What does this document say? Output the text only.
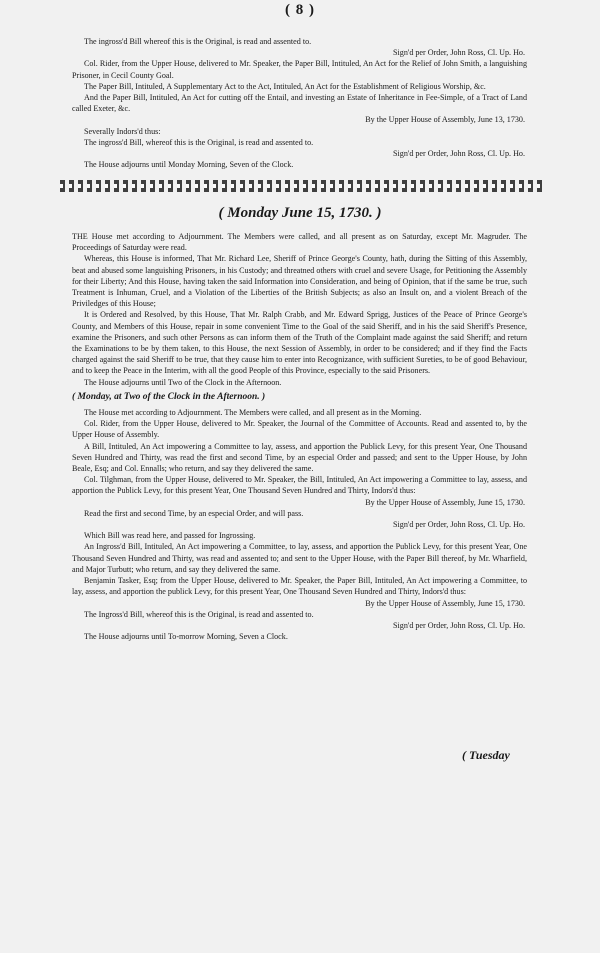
( 8 )

The ingross'd Bill whereof this is the Original, is read and assented to.

Sign'd per Order, John Ross, Cl. Up. Ho.

Col. Rider, from the Upper House, delivered to Mr. Speaker, the Paper Bill, Intituled, An Act for the Relief of John Smith, a languishing Prisoner, in Cecil County Goal.

The Paper Bill, Intituled, A Supplementary Act to the Act, Intituled, An Act for the Establishment of Religious Worship, &c.

And the Paper Bill, Intituled, An Act for cutting off the Entail, and investing an Estate of Inheritance in Fee-Simple, of a Tract of Land called Exeter, &c.

By the Upper House of Assembly, June 13, 1730.

Severally Indors'd thus:

The ingross'd Bill, whereof this is the Original, is read and assented to.

Sign'd per Order, John Ross, Cl. Up. Ho.

The House adjourns until Monday Morning, Seven of the Clock.

( Monday June 15, 1730. )

THE House met according to Adjournment. The Members were called, and all present as on Saturday, except Mr. Magruder. The Proceedings of Saturday were read.

Whereas, this House is informed, That Mr. Richard Lee, Sheriff of Prince George's County, hath, during the Sitting of this Assembly, beat and abused some languishing Prisoners, in his Custody; and threatned others with cruel and severe Usage, for Petitioning the Assembly for their Liberty; And this House, having taken the said Information into Consideration, and being of Opinion, that if the same be true, such Treatment is Inhuman, Cruel, and a Violation of the Liberties of the British Subjects; as also an Insult on, and a violent Breach of the Priviledges of this House;

It is Ordered and Resolved, by this House, That Mr. Ralph Crabb, and Mr. Edward Sprigg, Justices of the Peace of Prince George's County, and Members of this House, repair in some convenient Time to the Goal of the said Sheriff, and in his the said Sheriff's Presence, examine the Prisoners, and such other Persons as can inform them of the Truth of the Complaint made against the said Sheriff; and return the Examinations to be by them taken, to this House, the next Session of Assembly, in order to be considered; and if they find the Facts charged against the said Sheriff to be true, that they cause him to enter into Recognizance, with sufficient Sureties, to be of good Behaviour, and to keep the Peace in the Interim, with all the good People of this Province, especially to the said Prisoners.

The House adjourns until Two of the Clock in the Afternoon.

( Monday, at Two of the Clock in the Afternoon. )

The House met according to Adjournment. The Members were called, and all present as in the Morning.

Col. Rider, from the Upper House, delivered to Mr. Speaker, the Journal of the Committee of Accounts. Read and assented to, by the Upper House of Assembly.

A Bill, Intituled, An Act impowering a Committee to lay, assess, and apportion the Publick Levy, for this present Year, One Thousand Seven Hundred and Thirty, was read the first and second Time, by an especial Order and passed; and sent to the Upper House, by John Beale, Esq; and Col. Ennalls; who return, and say they delivered the same.

Col. Tilghman, from the Upper House, delivered to Mr. Speaker, the Bill, Intituled, An Act impowering a Committee to lay, assess, and apportion the Publick Levy, for this present Year, One Thousand Seven Hundred and Thirty, Indors'd thus:

By the Upper House of Assembly, June 15, 1730.

Read the first and second Time, by an especial Order, and will pass.

Sign'd per Order, John Ross, Cl. Up. Ho.

Which Bill was read here, and passed for Ingrossing.

An Ingross'd Bill, Intituled, An Act impowering a Committee, to lay, assess, and apportion the Publick Levy, for this present Year, One Thousand Seven Hundred and Thirty, was read and assented to; and sent to the Upper House, with the Paper Bill thereof, by Mr. Wharfield, and Major Turbutt; who return, and say they delivered the same.

Benjamin Tasker, Esq; from the Upper House, delivered to Mr. Speaker, the Paper Bill, Intituled, An Act impowering a Committee, to lay, assess, and apportion the publick Levy, for this present Year, One Thousand Seven Hundred and Thirty, Indors'd thus:

By the Upper House of Assembly, June 15, 1730.

The Ingross'd Bill, whereof this is the Original, is read and assented to.

Sign'd per Order, John Ross, Cl. Up. Ho.

The House adjourns until To-morrow Morning, Seven a Clock.

( Tuesday
